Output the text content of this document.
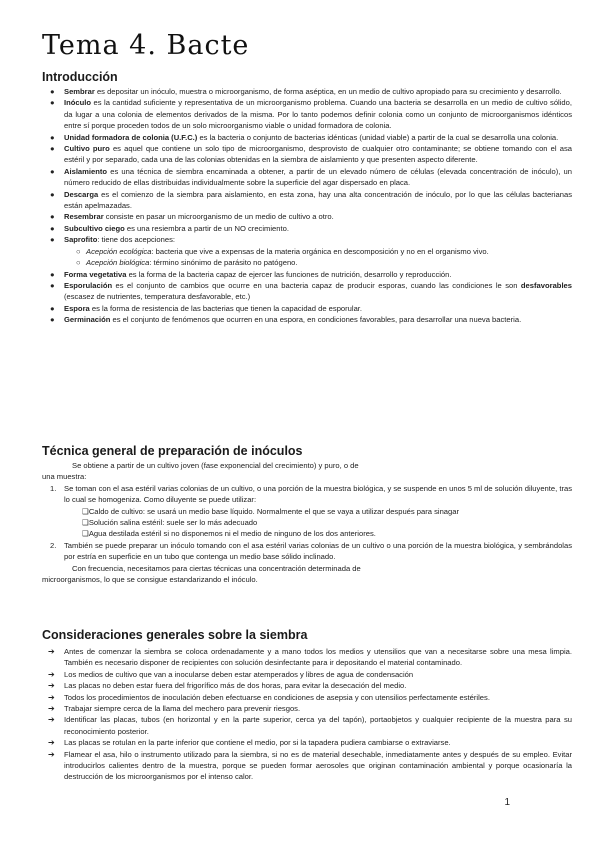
Tema 4. Bacte
Introducción
● Sembrar es depositar un inóculo, muestra o microorganismo, de forma aséptica, en un medio de cultivo apropiado para su crecimiento y desarrollo.
● Inóculo es la cantidad suficiente y representativa de un microorganismo problema. Cuando una bacteria se desarrolla en un medio de cultivo sólido, da lugar a una colonia de elementos derivados de la misma. Por lo tanto podemos definir colonia como un conjunto de microorganismos idénticos entre sí porque proceden todos de un solo microorganismo viable o unidad formadora de colonia.
● Unidad formadora de colonia (U.F.C.) es la bacteria o conjunto de bacterias idénticas (unidad viable) a partir de la cual se desarrolla una colonia.
● Cultivo puro es aquel que contiene un solo tipo de microorganismo, desprovisto de cualquier otro contaminante; se obtiene tomando con el asa estéril y por separado, cada una de las colonias obtenidas en la siembra de aislamiento y que presenten aspecto diferente.
● Aislamiento es una técnica de siembra encaminada a obtener, a partir de un elevado número de células (elevada concentración de inóculo), un número reducido de ellas distribuidas individualmente sobre la superficie del agar dispersado en placa.
● Descarga es el comienzo de la siembra para aislamiento, en esta zona, hay una alta concentración de inóculo, por lo que las células bacterianas están apelmazadas.
● Resembrar consiste en pasar un microorganismo de un medio de cultivo a otro.
● Subcultivo ciego es una resiembra a partir de un NO crecimiento.
● Saprofito: tiene dos acepciones:
○ Acepción ecológica: bacteria que vive a expensas de la materia orgánica en descomposición y no en el organismo vivo.
○ Acepción biológica: término sinónimo de parásito no patógeno.
● Forma vegetativa es la forma de la bacteria capaz de ejercer las funciones de nutrición, desarrollo y reproducción.
● Esporulación es el conjunto de cambios que ocurre en una bacteria capaz de producir esporas, cuando las condiciones le son desfavorables (escasez de nutrientes, temperatura desfavorable, etc.)
● Espora es la forma de resistencia de las bacterias que tienen la capacidad de esporular.
● Germinación es el conjunto de fenómenos que ocurren en una espora, en condiciones favorables, para desarrollar una nueva bacteria.
Técnica general de preparación de inóculos
Se obtiene a partir de un cultivo joven (fase exponencial del crecimiento) y puro, o de
una muestra:
1. Se toman con el asa estéril varias colonias de un cultivo, o una porción de la muestra biológica, y se suspende en unos 5 ml de solución diluyente, tras lo cual se homogeniza. Como diluyente se puede utilizar:
❑Caldo de cultivo: se usará un medio base líquido. Normalmente el que se vaya a utilizar después para sinagar
❑Solución salina estéril: suele ser lo más adecuado
❑Agua destilada estéril si no disponemos ni el medio de ninguno de los dos anteriores.
2. También se puede preparar un inóculo tomando con el asa estéril varias colonias de un cultivo o una porción de la muestra biológica, y sembrándolas por estría en superficie en un tubo que contenga un medio base sólido inclinado.
Con frecuencia, necesitamos para ciertas técnicas una concentración determinada de
microorganismos, lo que se consigue estandarizando el inóculo.
Consideraciones generales sobre la siembra
➔ Antes de comenzar la siembra se coloca ordenadamente y a mano todos los medios y utensilios que van a necesitarse sobre una mesa limpia. También es necesario disponer de recipientes con solución desinfectante para ir depositando el material contaminado.
➔ Los medios de cultivo que van a inocularse deben estar atemperados y libres de agua de condensación
➔ Las placas no deben estar fuera del frigorífico más de dos horas, para evitar la desecación del medio.
➔ Todos los procedimientos de inoculación deben efectuarse en condiciones de asepsia y con utensilios perfectamente estériles.
➔ Trabajar siempre cerca de la llama del mechero para prevenir riesgos.
➔ Identificar las placas, tubos (en horizontal y en la parte superior, cerca ya del tapón), portaobjetos y cualquier recipiente de la muestra para su reconocimiento posterior.
➔ Las placas se rotulan en la parte inferior que contiene el medio, por si la tapadera pudiera cambiarse o extraviarse.
➔ Flamear el asa, hilo o instrumento utilizado para la siembra, si no es de material desechable, inmediatamente antes y después de su empleo. Evitar introducirlos calientes dentro de la muestra, porque se pueden formar aerosoles que originan contaminación ambiental y porque ocasionaría la destrucción de los microorganismos por el intenso calor.
1
